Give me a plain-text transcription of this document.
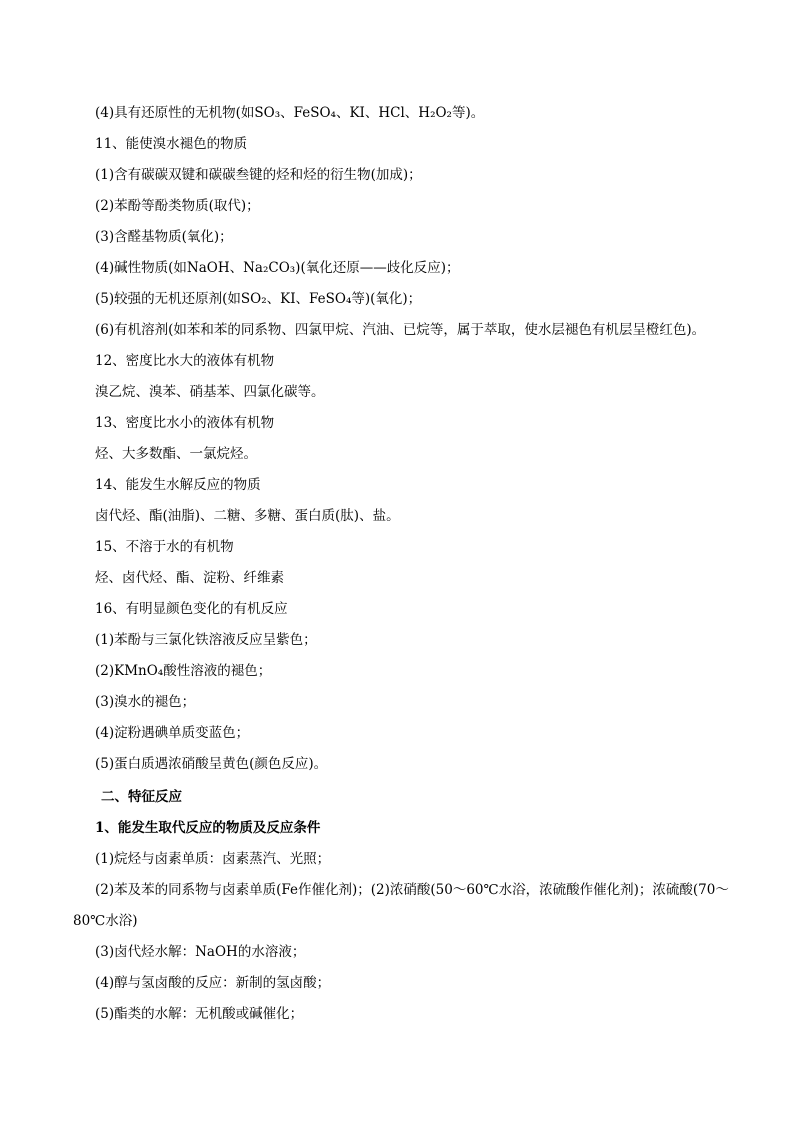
(4)具有还原性的无机物(如SO₃、FeSO₄、KI、HCl、H₂O₂等)。
11、能使溴水褪色的物质
(1)含有碳碳双键和碳碳叁键的烃和烃的衍生物(加成)；
(2)苯酚等酚类物质(取代)；
(3)含醛基物质(氧化)；
(4)碱性物质(如NaOH、Na₂CO₃)(氧化还原——歧化反应)；
(5)较强的无机还原剂(如SO₂、KI、FeSO₄等)(氧化)；
(6)有机溶剂(如苯和苯的同系物、四氯甲烷、汽油、已烷等，属于萃取，使水层褪色有机层呈橙红色)。
12、密度比水大的液体有机物
溴乙烷、溴苯、硝基苯、四氯化碳等。
13、密度比水小的液体有机物
烃、大多数酯、一氯烷烃。
14、能发生水解反应的物质
卤代烃、酯(油脂)、二糖、多糖、蛋白质(肽)、盐。
15、不溶于水的有机物
烃、卤代烃、酯、淀粉、纤维素
16、有明显颜色变化的有机反应
(1)苯酚与三氯化铁溶液反应呈紫色；
(2)KMnO₄酸性溶液的褪色；
(3)溴水的褪色；
(4)淀粉遇碘单质变蓝色；
(5)蛋白质遇浓硝酸呈黄色(颜色反应)。
二、特征反应
1、能发生取代反应的物质及反应条件
(1)烷烃与卤素单质：卤素蒸汽、光照；
(2)苯及苯的同系物与卤素单质(Fe作催化剂)；(2)浓硝酸(50～60℃水浴，浓硫酸作催化剂)；浓硫酸(70～
80℃水浴)
(3)卤代烃水解：NaOH的水溶液；
(4)醇与氢卤酸的反应：新制的氢卤酸；
(5)酯类的水解：无机酸或碱催化；
